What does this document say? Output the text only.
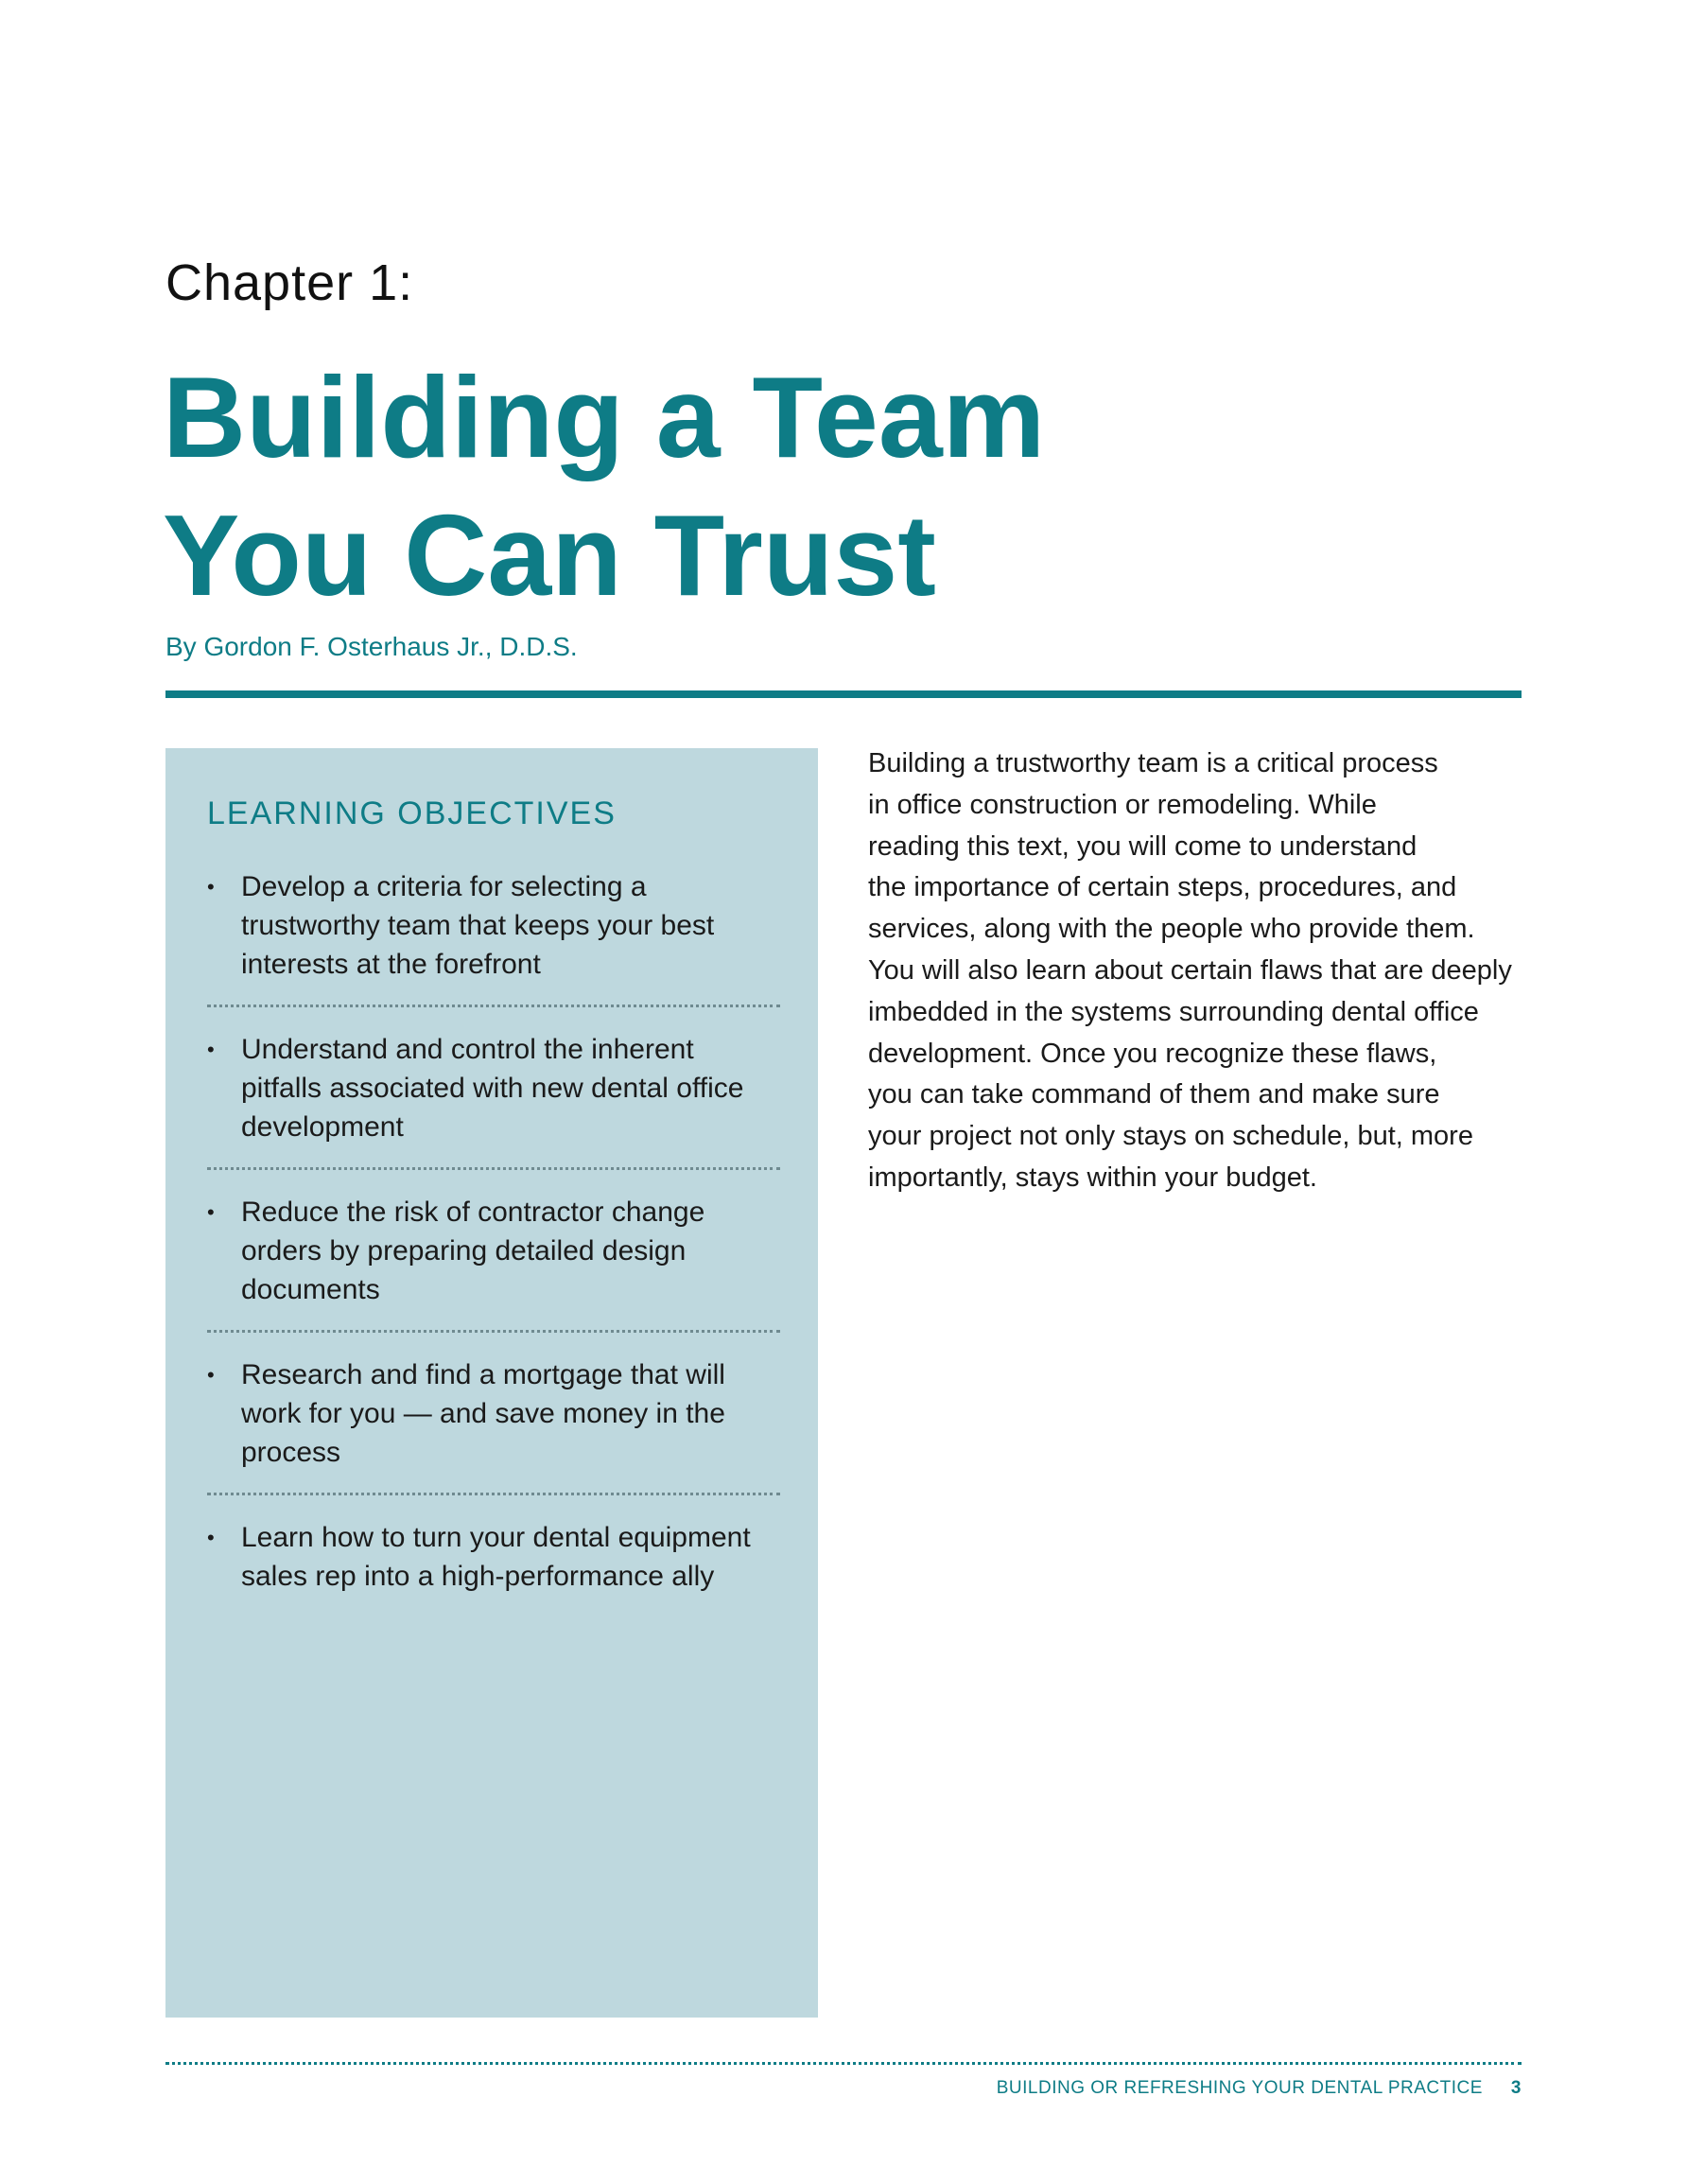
Chapter 1:
Building a Team
You Can Trust
By Gordon F. Osterhaus Jr., D.D.S.
LEARNING OBJECTIVES
• Develop a criteria for selecting a trustworthy team that keeps your best interests at the forefront
• Understand and control the inherent pitfalls associated with new dental office development
• Reduce the risk of contractor change orders by preparing detailed design documents
• Research and find a mortgage that will work for you — and save money in the process
• Learn how to turn your dental equipment sales rep into a high-performance ally
Building a trustworthy team is a critical process
in office construction or remodeling. While
reading this text, you will come to understand
the importance of certain steps, procedures, and
services, along with the people who provide them.
You will also learn about certain flaws that are deeply
imbedded in the systems surrounding dental office
development. Once you recognize these flaws,
you can take command of them and make sure
your project not only stays on schedule, but, more
importantly, stays within your budget.
BUILDING OR REFRESHING YOUR DENTAL PRACTICE 3
